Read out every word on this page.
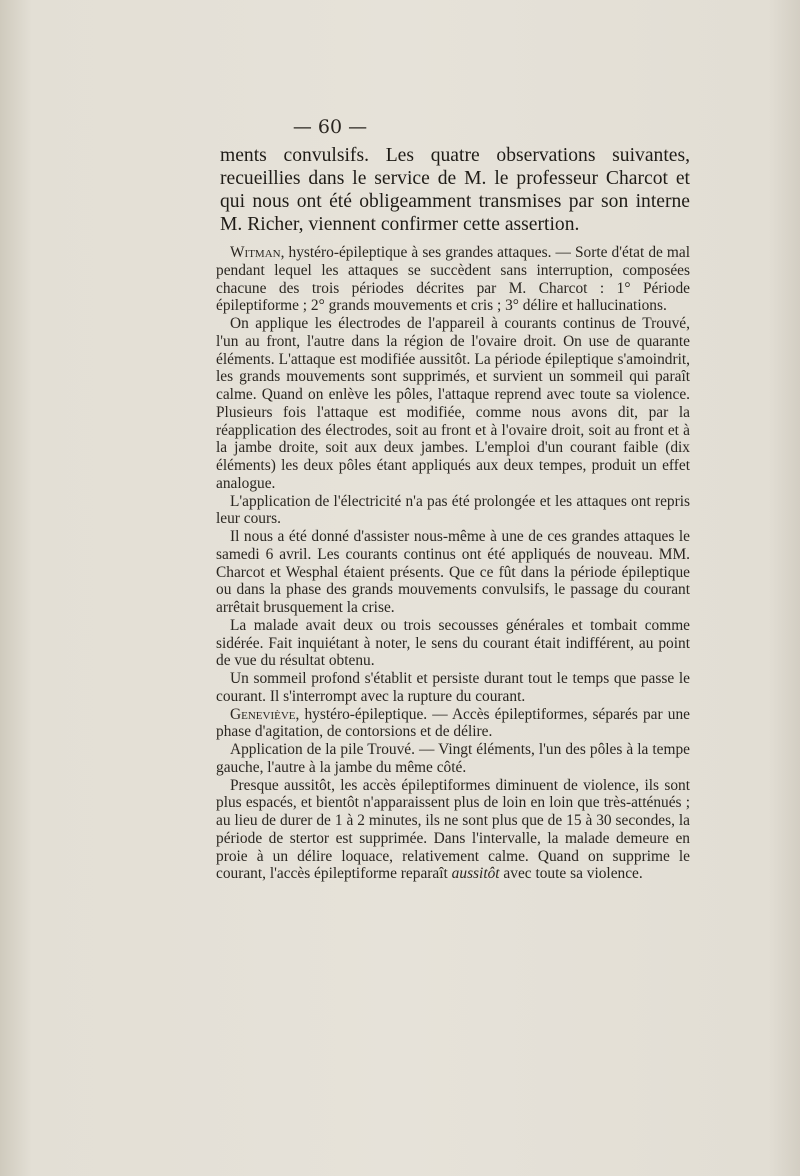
— 60 —

ments convulsifs. Les quatre observations suivantes, recueillies dans le service de M. le professeur Charcot et qui nous ont été obligeamment transmises par son interne M. Richer, viennent confirmer cette assertion.

Witman, hystéro-épileptique à ses grandes attaques. — Sorte d'état de mal pendant lequel les attaques se succèdent sans interruption, composées chacune des trois périodes décrites par M. Charcot : 1° Période épileptiforme ; 2° grands mouvements et cris ; 3° délire et hallucinations.

On applique les électrodes de l'appareil à courants continus de Trouvé, l'un au front, l'autre dans la région de l'ovaire droit. On use de quarante éléments. L'attaque est modifiée aussitôt. La période épileptique s'amoindrit, les grands mouvements sont supprimés, et survient un sommeil qui paraît calme. Quand on enlève les pôles, l'attaque reprend avec toute sa violence. Plusieurs fois l'attaque est modifiée, comme nous avons dit, par la réapplication des électrodes, soit au front et à l'ovaire droit, soit au front et à la jambe droite, soit aux deux jambes. L'emploi d'un courant faible (dix éléments) les deux pôles étant appliqués aux deux tempes, produit un effet analogue.

L'application de l'électricité n'a pas été prolongée et les attaques ont repris leur cours.

Il nous a été donné d'assister nous-même à une de ces grandes attaques le samedi 6 avril. Les courants continus ont été appliqués de nouveau. MM. Charcot et Wesphal étaient présents. Que ce fût dans la période épileptique ou dans la phase des grands mouvements convulsifs, le passage du courant arrêtait brusquement la crise.

La malade avait deux ou trois secousses générales et tombait comme sidérée. Fait inquiétant à noter, le sens du courant était indifférent, au point de vue du résultat obtenu.

Un sommeil profond s'établit et persiste durant tout le temps que passe le courant. Il s'interrompt avec la rupture du courant.

Geneviève, hystéro-épileptique. — Accès épileptiformes, séparés par une phase d'agitation, de contorsions et de délire.

Application de la pile Trouvé. — Vingt éléments, l'un des pôles à la tempe gauche, l'autre à la jambe du même côté.

Presque aussitôt, les accès épileptiformes diminuent de violence, ils sont plus espacés, et bientôt n'apparaissent plus de loin en loin que très-atténués ; au lieu de durer de 1 à 2 minutes, ils ne sont plus que de 15 à 30 secondes, la période de stertor est supprimée. Dans l'intervalle, la malade demeure en proie à un délire loquace, relativement calme. Quand on supprime le courant, l'accès épileptiforme reparaît aussitôt avec toute sa violence.
